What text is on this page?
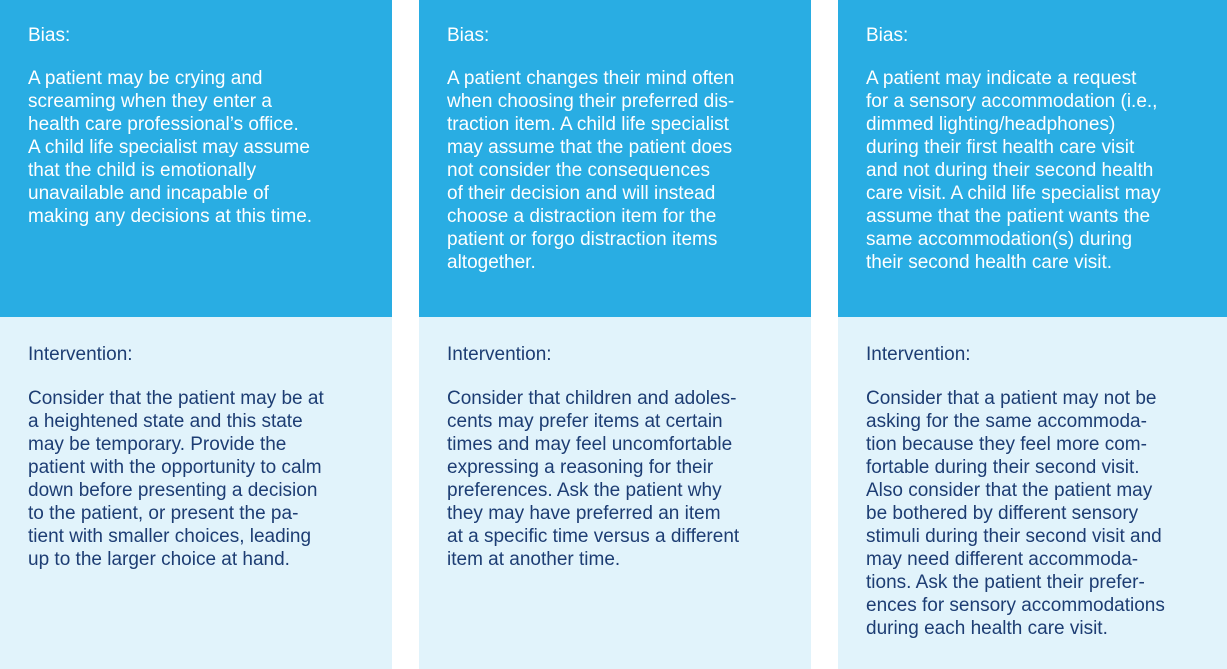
Bias:

A patient may be crying and
screaming when they enter a
health care professional’s office.
A child life specialist may assume
that the child is emotionally
unavailable and incapable of
making any decisions at this time.

Intervention:

Consider that the patient may be at
a heightened state and this state
may be temporary. Provide the
patient with the opportunity to calm
down before presenting a decision
to the patient, or present the pa-
tient with smaller choices, leading
up to the larger choice at hand.

Bias:

A patient changes their mind often
when choosing their preferred dis-
traction item. A child life specialist
may assume that the patient does
not consider the consequences
of their decision and will instead
choose a distraction item for the
patient or forgo distraction items
altogether.

Intervention:

Consider that children and adoles-
cents may prefer items at certain
times and may feel uncomfortable
expressing a reasoning for their
preferences. Ask the patient why
they may have preferred an item
at a specific time versus a different
item at another time.

Bias:

A patient may indicate a request
for a sensory accommodation (i.e.,
dimmed lighting/headphones)
during their first health care visit
and not during their second health
care visit. A child life specialist may
assume that the patient wants the
same accommodation(s) during
their second health care visit.

Intervention:

Consider that a patient may not be
asking for the same accommoda-
tion because they feel more com-
fortable during their second visit.
Also consider that the patient may
be bothered by different sensory
stimuli during their second visit and
may need different accommoda-
tions. Ask the patient their prefer-
ences for sensory accommodations
during each health care visit.
